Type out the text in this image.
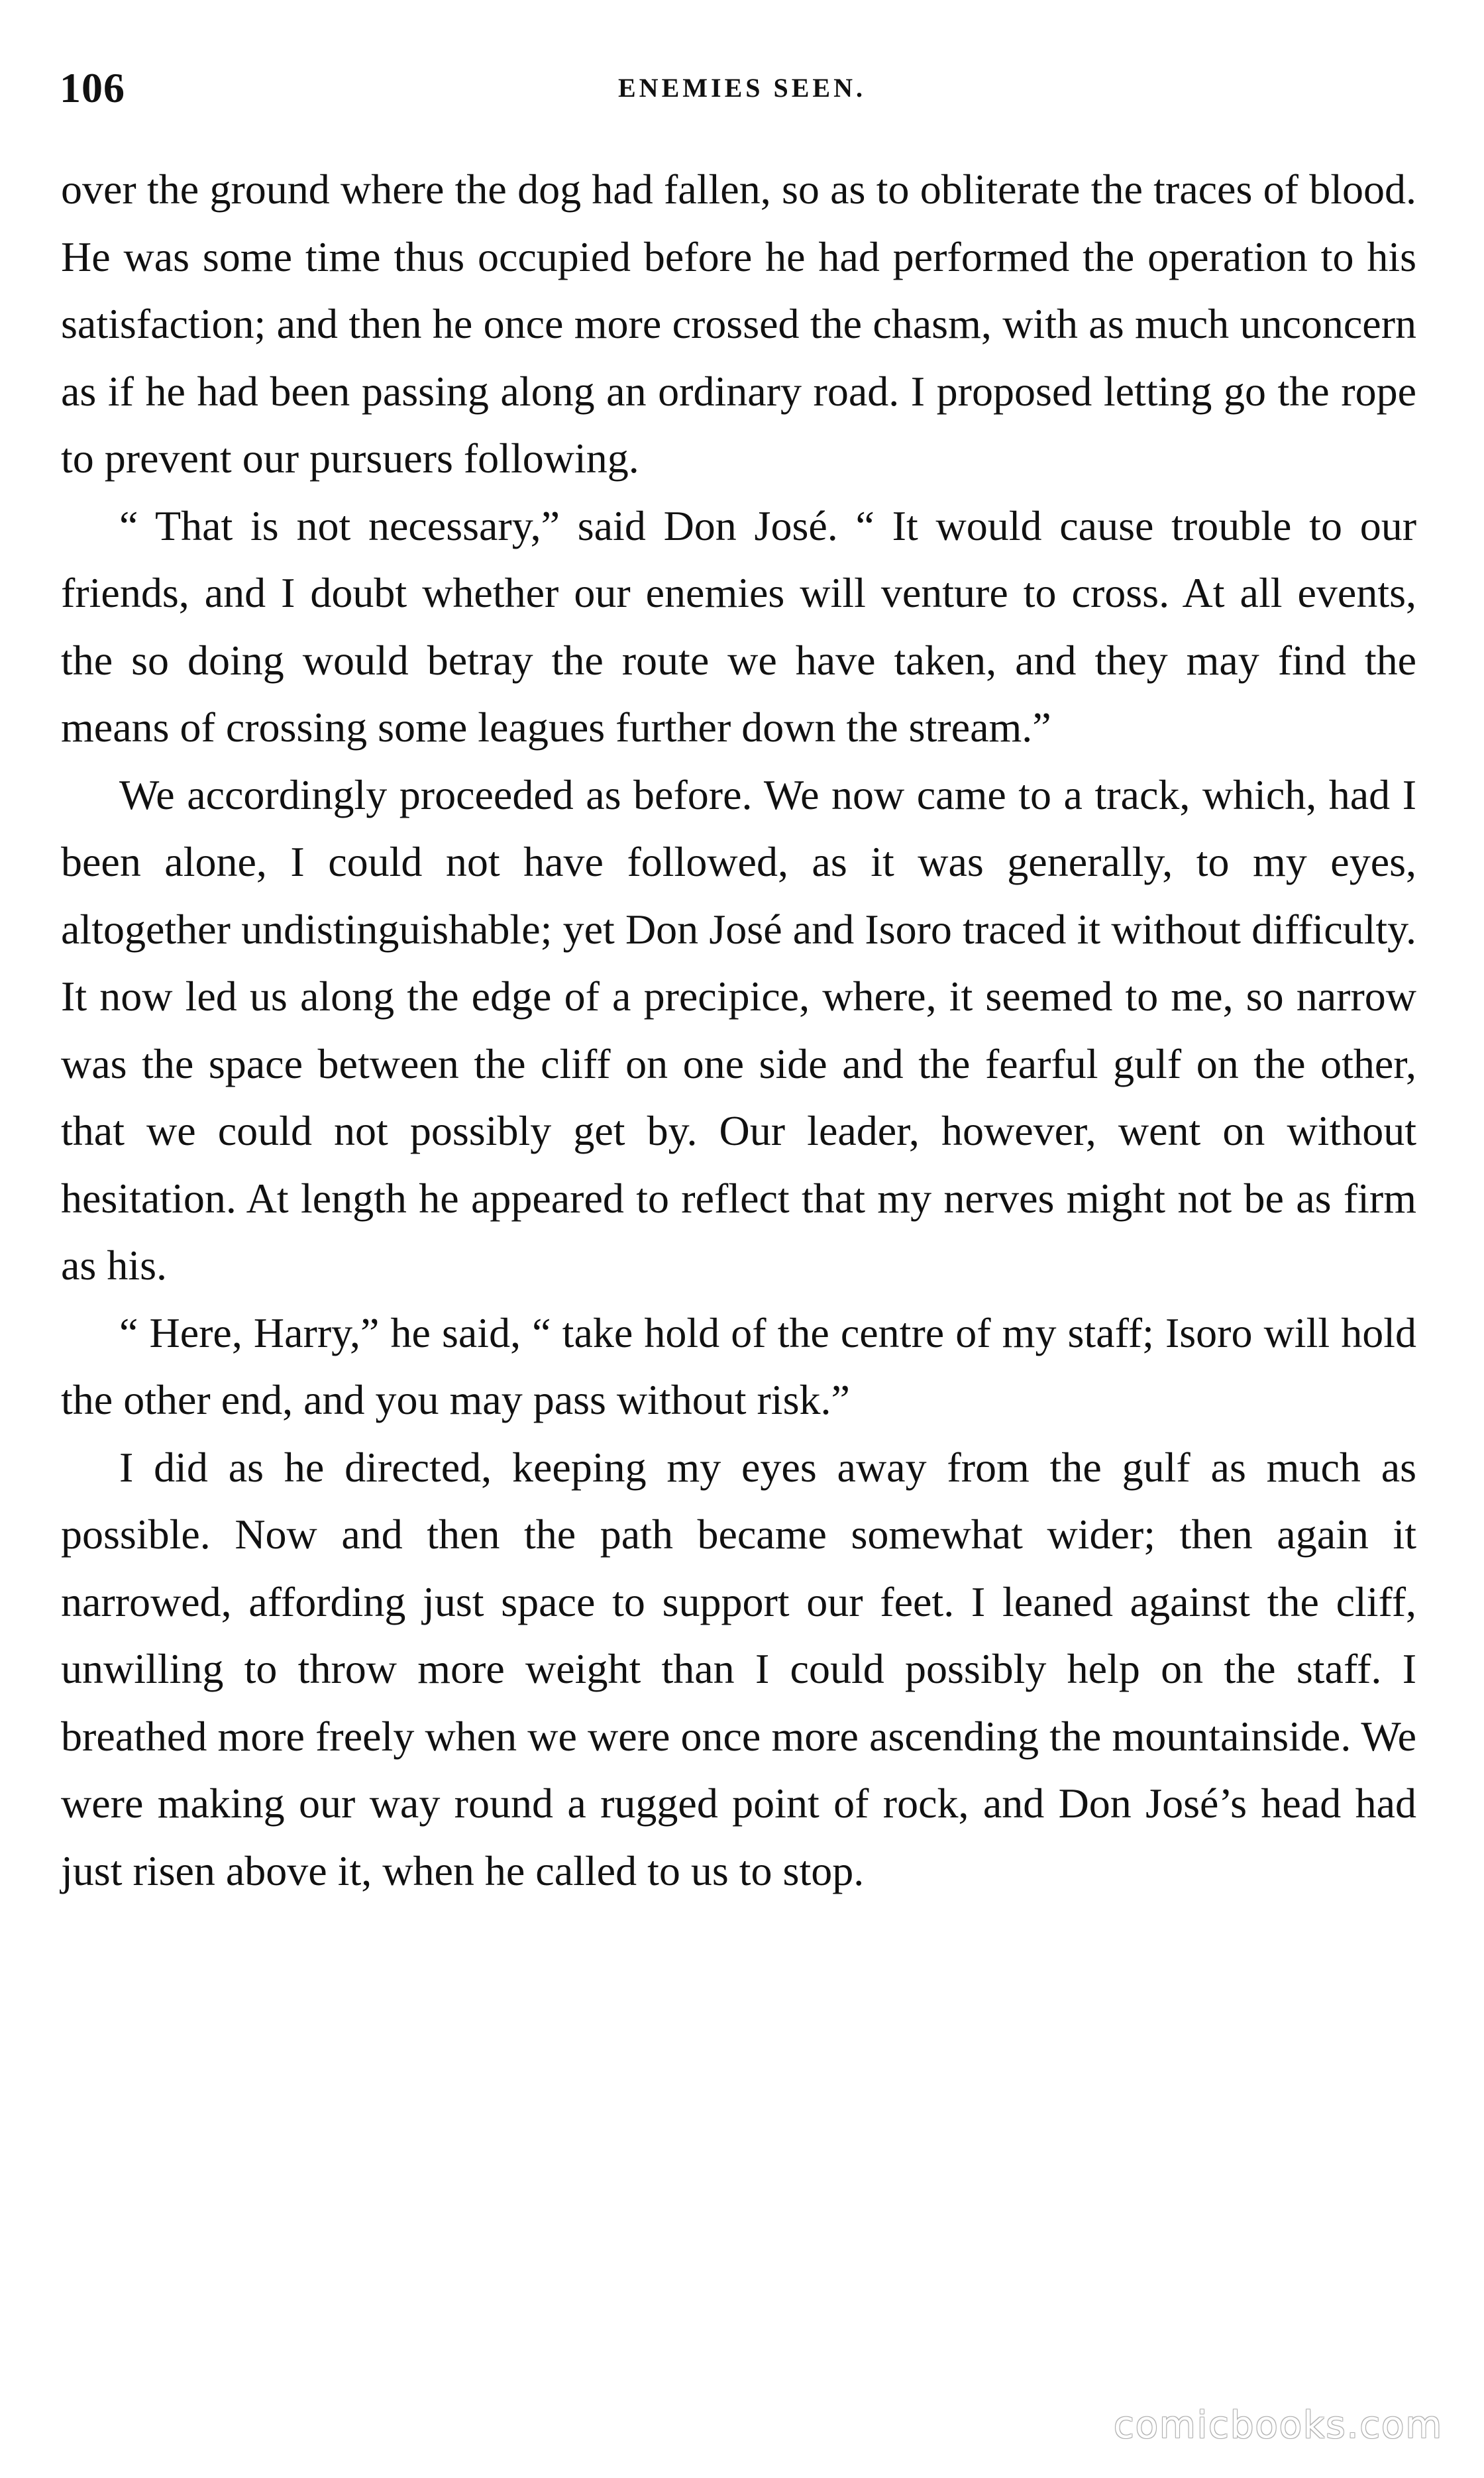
106	ENEMIES SEEN.

over the ground where the dog had fallen, so as to obliterate the traces of blood. He was some time thus occupied before he had performed the operation to his satisfaction; and then he once more crossed the chasm, with as much unconcern as if he had been passing along an ordinary road. I proposed letting go the rope to prevent our pursuers following.

“ That is not necessary,” said Don José. “ It would cause trouble to our friends, and I doubt whether our enemies will venture to cross. At all events, the so doing would betray the route we have taken, and they may find the means of crossing some leagues further down the stream.”

We accordingly proceeded as before. We now came to a track, which, had I been alone, I could not have followed, as it was generally, to my eyes, altogether undistinguishable; yet Don José and Isoro traced it without difficulty. It now led us along the edge of a precipice, where, it seemed to me, so narrow was the space between the cliff on one side and the fearful gulf on the other, that we could not possibly get by. Our leader, however, went on without hesitation. At length he appeared to reflect that my nerves might not be as firm as his.

“ Here, Harry,” he said, “ take hold of the centre of my staff; Isoro will hold the other end, and you may pass without risk.”

I did as he directed, keeping my eyes away from the gulf as much as possible. Now and then the path became somewhat wider; then again it narrowed, affording just space to support our feet. I leaned against the cliff, unwilling to throw more weight than I could possibly help on the staff. I breathed more freely when we were once more ascending the mountainside. We were making our way round a rugged point of rock, and Don José’s head had just risen above it, when he called to us to stop.

comicbooks.com
